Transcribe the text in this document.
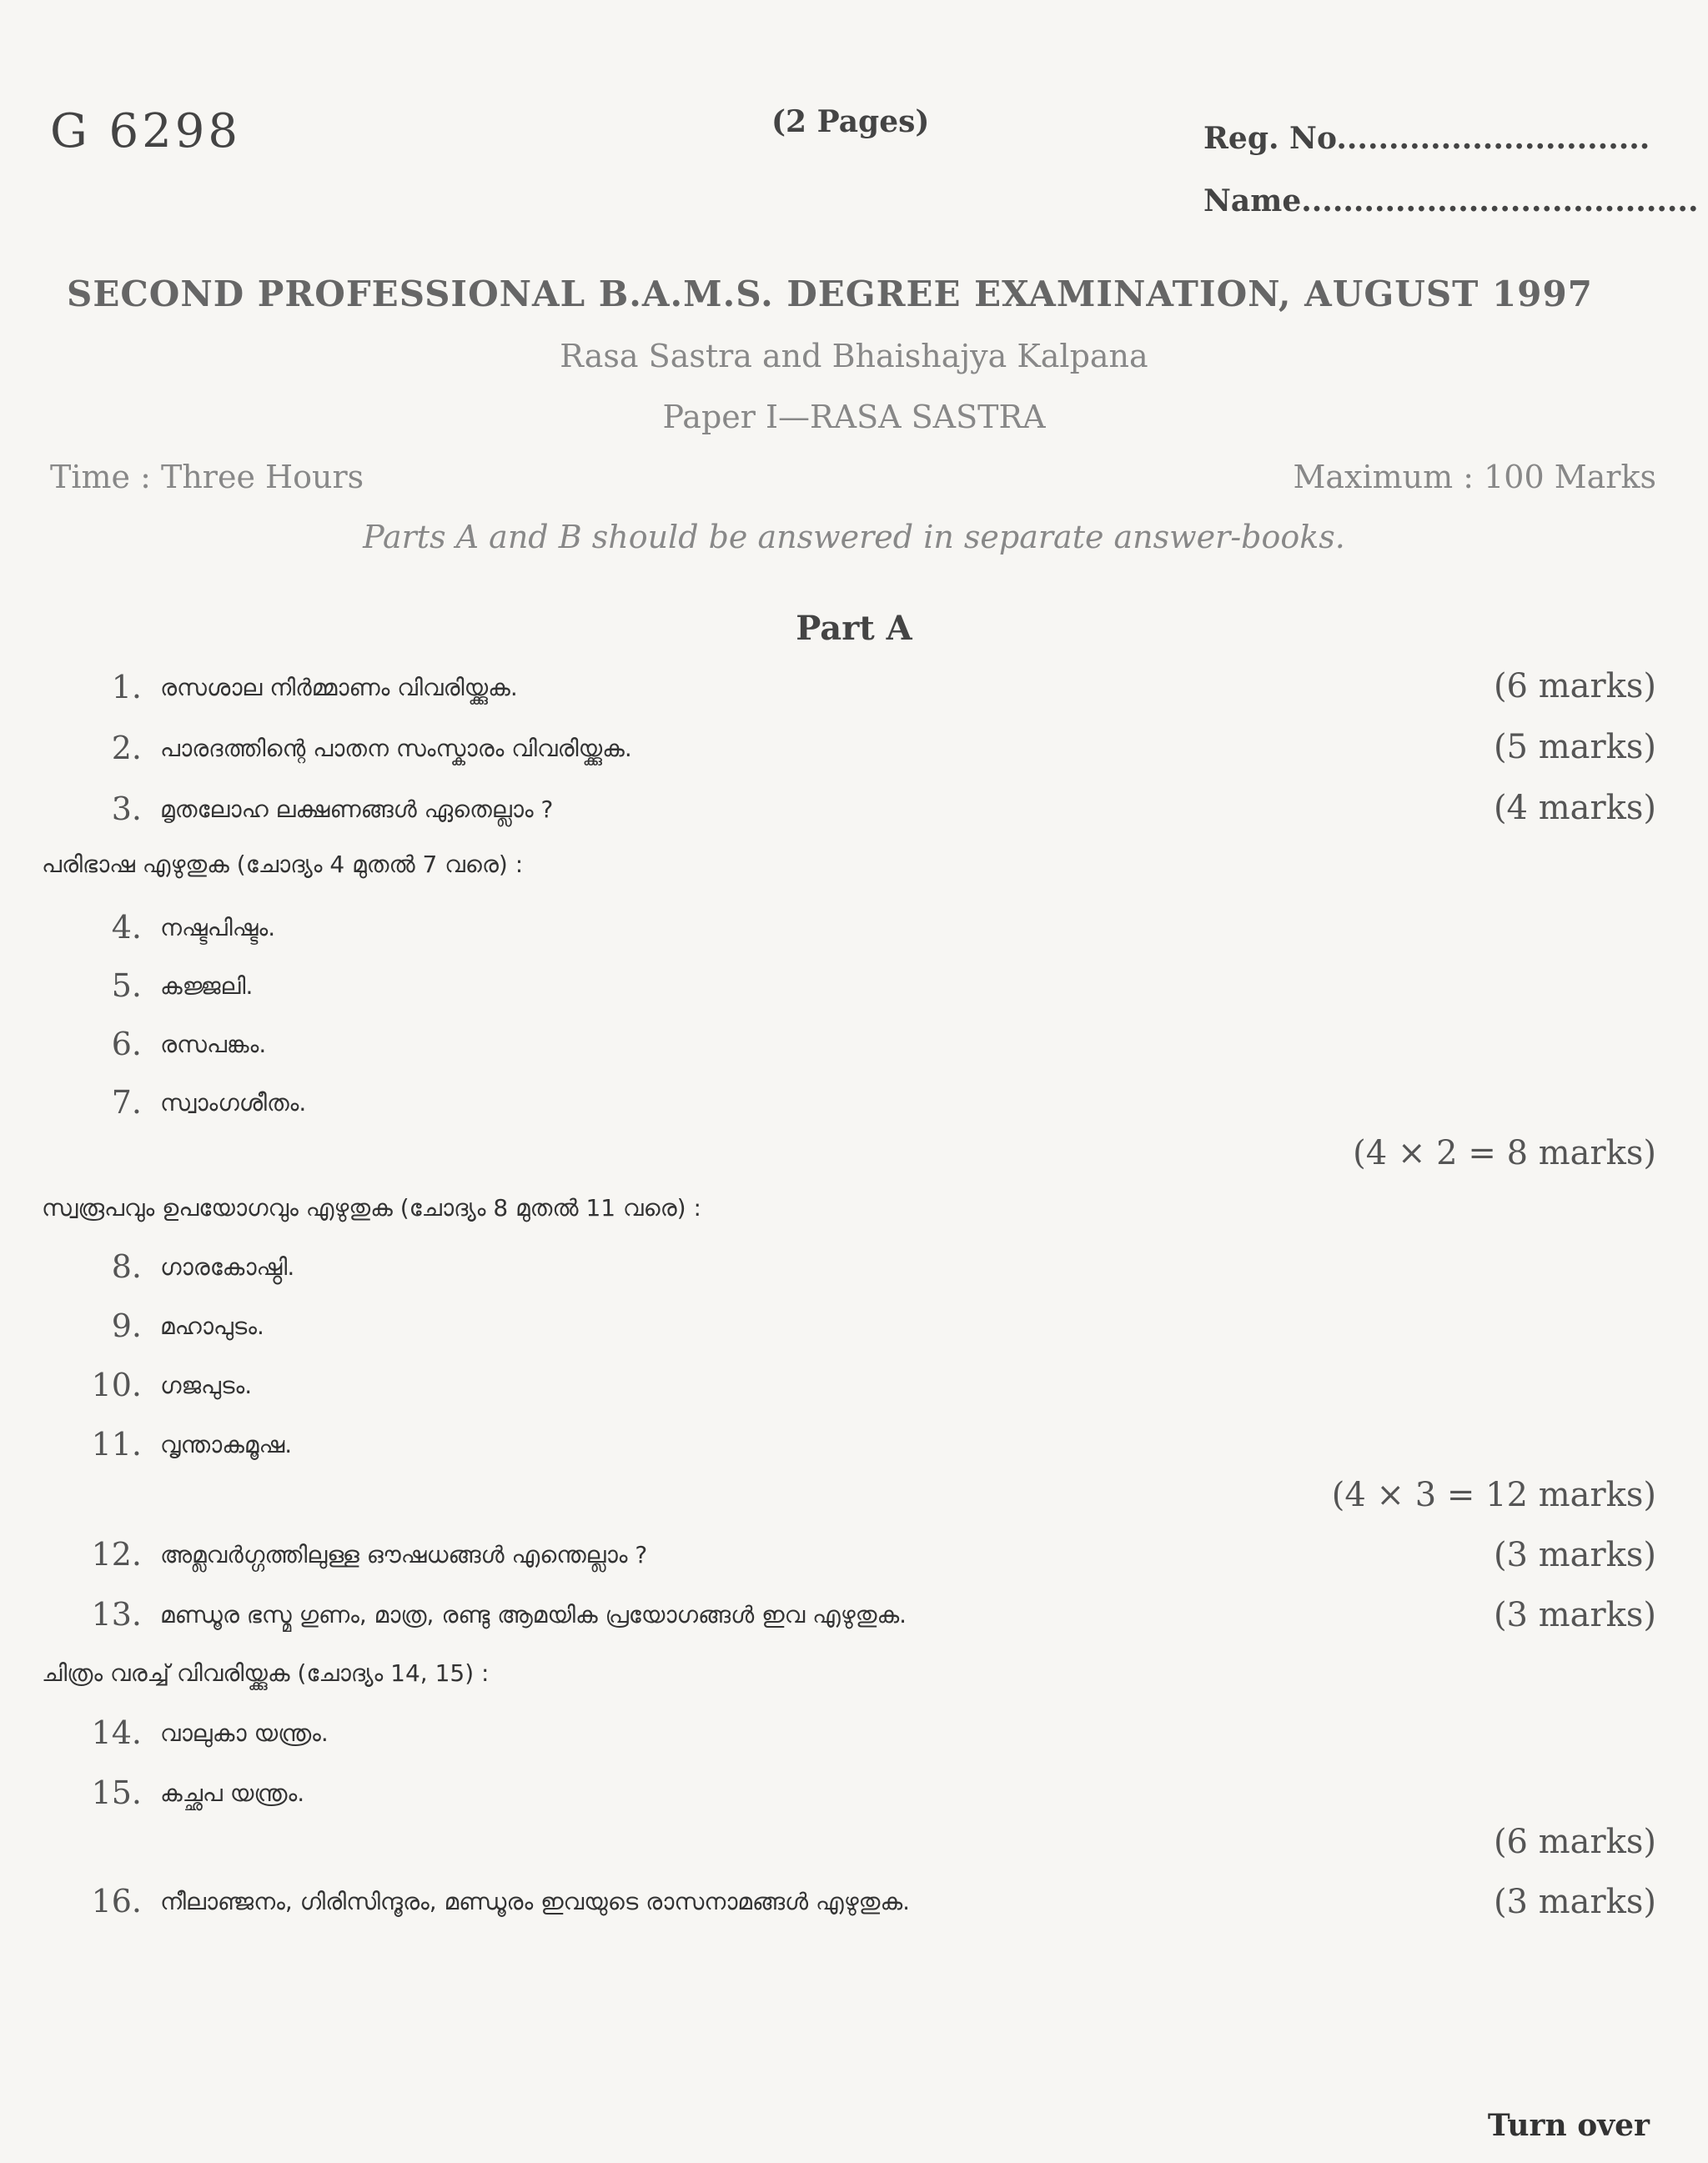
G 6298	(2 Pages)	Reg. No..............................
Name......................................
SECOND PROFESSIONAL B.A.M.S. DEGREE EXAMINATION, AUGUST 1997
Rasa Sastra and Bhaishajya Kalpana
Paper I—RASA SASTRA
Time : Three Hours	Maximum : 100 Marks
Parts A and B should be answered in separate answer-books.
Part A
1. രസശാല നിർമ്മാണം വിവരിയ്ക്കുക.	(6 marks)
2. പാരദത്തിന്റെ പാതന സംസ്കാരം വിവരിയ്ക്കുക.	(5 marks)
3. മൃതലോഹ ലക്ഷണങ്ങൾ ഏതെല്ലാം ?	(4 marks)
പരിഭാഷ എഴുതുക (ചോദ്യം 4 മുതൽ 7 വരെ) :
4. നഷ്ടപിഷ്ടം.
5. കജ്ജലി.
6. രസപങ്കം.
7. സ്വാംഗശീതം.
(4 × 2 = 8 marks)
സ്വരൂപവും ഉപയോഗവും എഴുതുക (ചോദ്യം 8 മുതൽ 11 വരെ) :
8. ഗാരകോഷ്ഠി.
9. മഹാപുടം.
10. ഗജപുടം.
11. വൃന്താകമൂഷ.
(4 × 3 = 12 marks)
12. അമ്ലവർഗ്ഗത്തിലുള്ള ഔഷധങ്ങൾ എന്തെല്ലാം ?	(3 marks)
13. മണ്ഡൂര ഭസ്മ ഗുണം, മാത്ര, രണ്ടു ആമയിക പ്രയോഗങ്ങൾ ഇവ എഴുതുക.	(3 marks)
ചിത്രം വരച്ച് വിവരിയ്ക്കുക (ചോദ്യം 14, 15) :
14. വാലുകാ യന്ത്രം.
15. കച്ഛപ യന്ത്രം.
(6 marks)
16. നീലാഞ്ജനം, ഗിരിസിന്ദൂരം, മണ്ഡൂരം ഇവയുടെ രാസനാമങ്ങൾ എഴുതുക.	(3 marks)
Turn over
